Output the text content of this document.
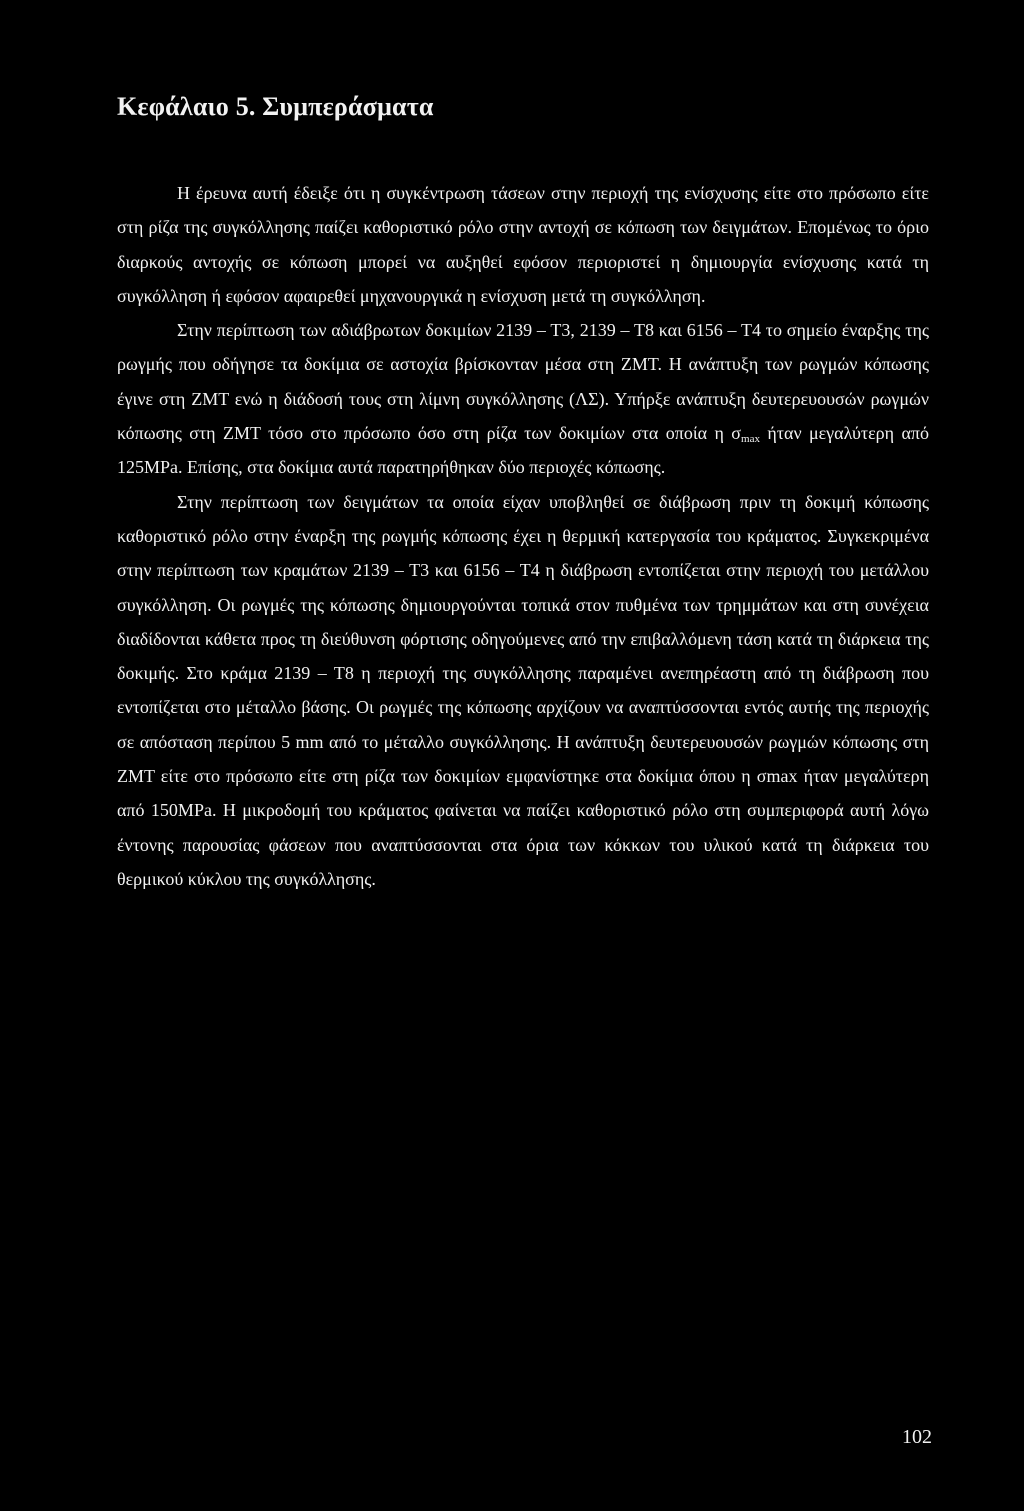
Κεφάλαιο 5. Συμπεράσματα

Η έρευνα αυτή έδειξε ότι η συγκέντρωση τάσεων στην περιοχή της ενίσχυσης είτε στο πρόσωπο είτε στη ρίζα της συγκόλλησης παίζει καθοριστικό ρόλο στην αντοχή σε κόπωση των δειγμάτων. Επομένως το όριο διαρκούς αντοχής σε κόπωση μπορεί να αυξηθεί εφόσον περιοριστεί η δημιουργία ενίσχυσης κατά τη συγκόλληση ή εφόσον αφαιρεθεί μηχανουργικά η ενίσχυση μετά τη συγκόλληση.

Στην περίπτωση των αδιάβρωτων δοκιμίων 2139 – Τ3, 2139 – Τ8 και 6156 – Τ4 το σημείο έναρξης της ρωγμής που οδήγησε τα δοκίμια σε αστοχία βρίσκονταν μέσα στη ΖΜΤ. Η ανάπτυξη των ρωγμών κόπωσης έγινε στη ΖΜΤ ενώ η διάδοσή τους στη λίμνη συγκόλλησης (ΛΣ). Υπήρξε ανάπτυξη δευτερευουσών ρωγμών κόπωσης στη ΖΜΤ τόσο στο πρόσωπο όσο στη ρίζα των δοκιμίων στα οποία η $\sigma_{max}$ ήταν μεγαλύτερη από 125MPa. Επίσης, στα δοκίμια αυτά παρατηρήθηκαν δύο περιοχές κόπωσης.

Στην περίπτωση των δειγμάτων τα οποία είχαν υποβληθεί σε διάβρωση πριν τη δοκιμή κόπωσης καθοριστικό ρόλο στην έναρξη της ρωγμής κόπωσης έχει η θερμική κατεργασία του κράματος. Συγκεκριμένα στην περίπτωση των κραμάτων 2139 – Τ3 και 6156 – Τ4 η διάβρωση εντοπίζεται στην περιοχή του μετάλλου συγκόλληση. Οι ρωγμές της κόπωσης δημιουργούνται τοπικά στον πυθμένα των τρημμάτων και στη συνέχεια διαδίδονται κάθετα προς τη διεύθυνση φόρτισης οδηγούμενες από την επιβαλλόμενη τάση κατά τη διάρκεια της δοκιμής. Στο κράμα 2139 – Τ8 η περιοχή της συγκόλλησης παραμένει ανεπηρέαστη από τη διάβρωση που εντοπίζεται στο μέταλλο βάσης. Οι ρωγμές της κόπωσης αρχίζουν να αναπτύσσονται εντός αυτής της περιοχής σε απόσταση περίπου 5 mm από το μέταλλο συγκόλλησης. Η ανάπτυξη δευτερευουσών ρωγμών κόπωσης στη ΖΜΤ είτε στο πρόσωπο είτε στη ρίζα των δοκιμίων εμφανίστηκε στα δοκίμια όπου η σmax ήταν μεγαλύτερη από 150MPa. Η μικροδομή του κράματος φαίνεται να παίζει καθοριστικό ρόλο στη συμπεριφορά αυτή λόγω έντονης παρουσίας φάσεων που αναπτύσσονται στα όρια των κόκκων του υλικού κατά τη διάρκεια του θερμικού κύκλου της συγκόλλησης.

102
